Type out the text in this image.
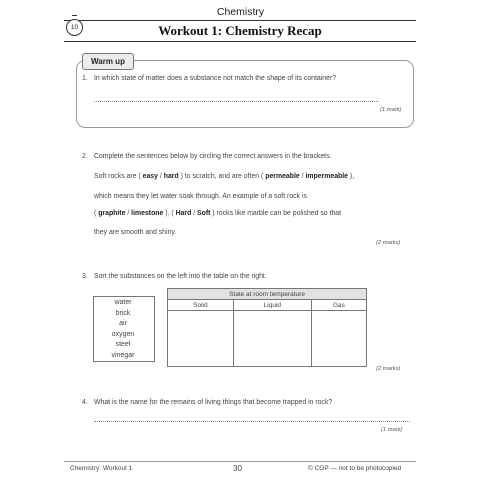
Chemistry
10	Workout 1: Chemistry Recap
Warm up
1. In which state of matter does a substance not match the shape of its container?
(1 mark)
2. Complete the sentences below by circling the correct answers in the brackets.
Soft rocks are ( easy / hard ) to scratch, and are often ( permeable / impermeable ),
which means they let water soak through. An example of a soft rock is
( graphite / limestone ). ( Hard / Soft ) rocks like marble can be polished so that
they are smooth and shiny.
(2 marks)
3. Sort the substances on the left into the table on the right.
water
brick
air
oxygen
steel
vinegar
State at room temperature		
Solid	Liquid	Gas

(2 marks)
4. What is the name for the remains of living things that become trapped in rock?
(1 mark)
Chemistry: Workout 1	30	© CGP — not to be photocopied
